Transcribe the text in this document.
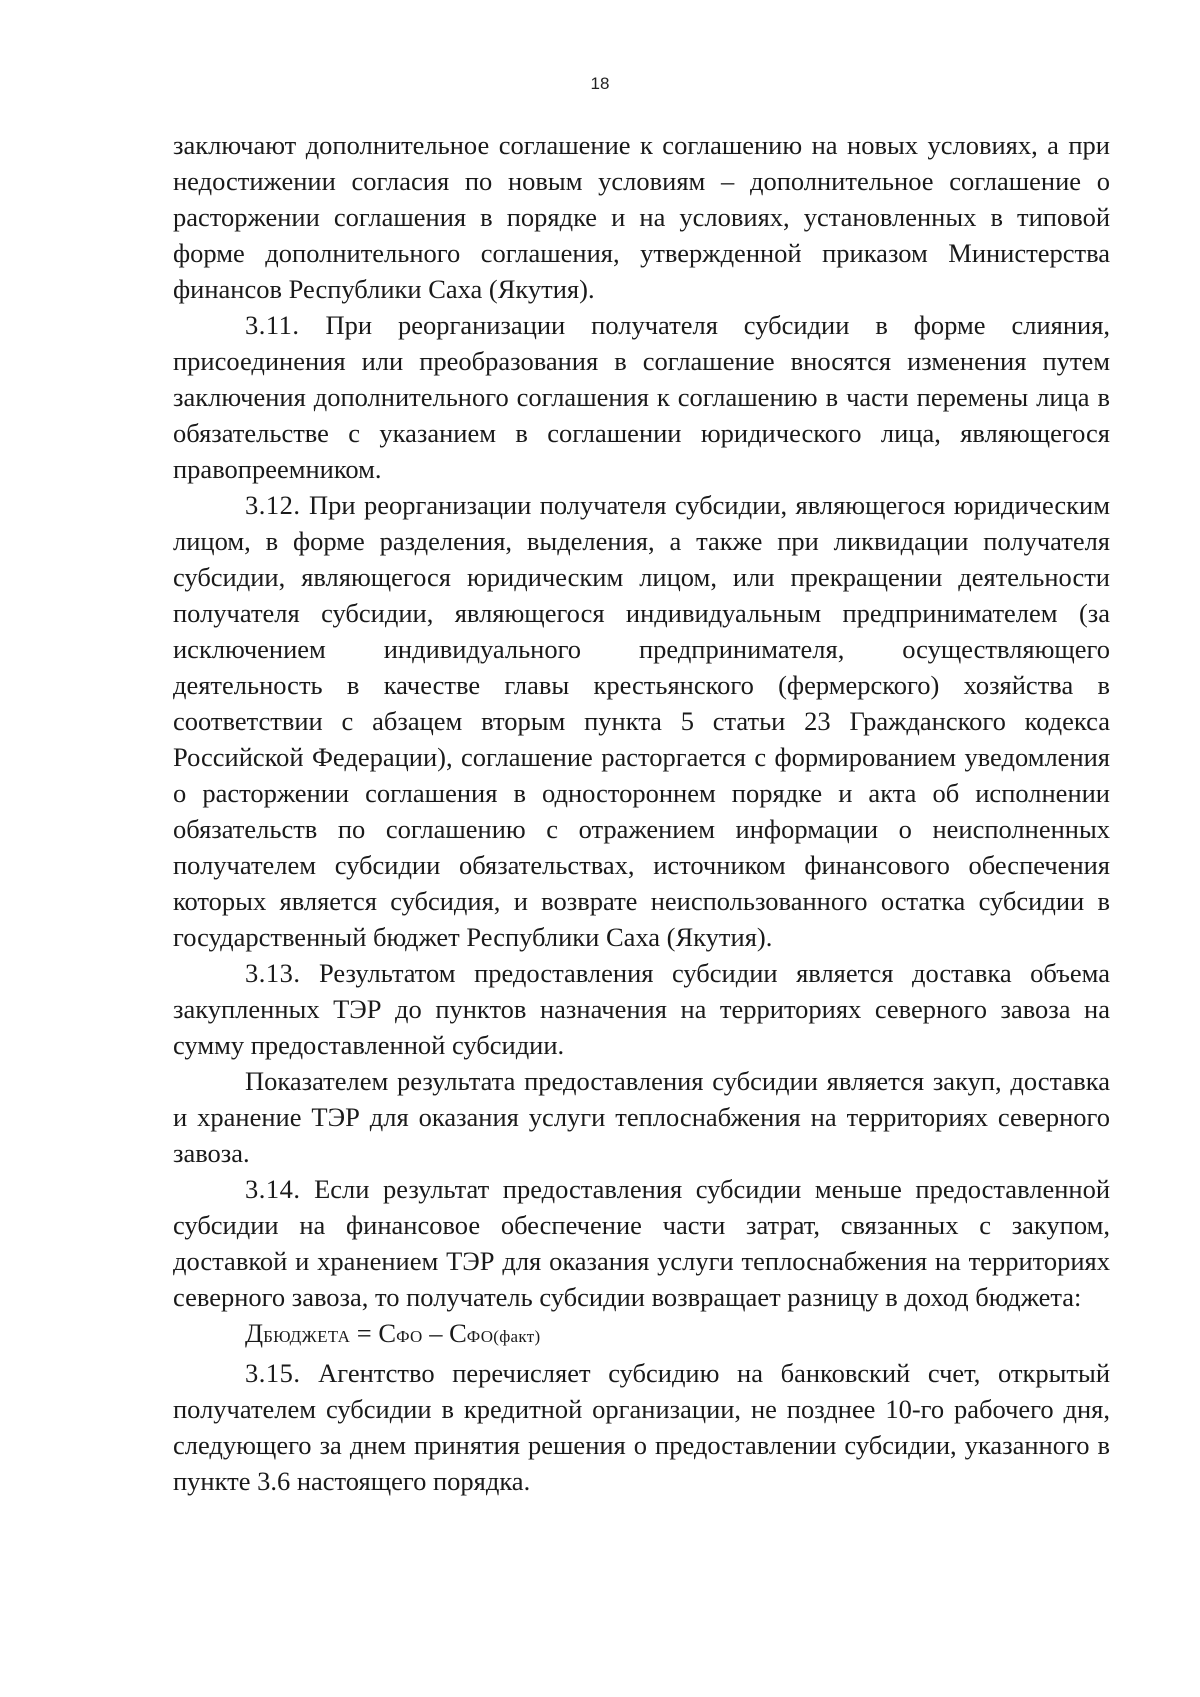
18

заключают дополнительное соглашение к соглашению на новых условиях, а при недостижении согласия по новым условиям – дополнительное соглашение о расторжении соглашения в порядке и на условиях, установленных в типовой форме дополнительного соглашения, утвержденной приказом Министерства финансов Республики Саха (Якутия).

3.11. При реорганизации получателя субсидии в форме слияния, присоединения или преобразования в соглашение вносятся изменения путем заключения дополнительного соглашения к соглашению в части перемены лица в обязательстве с указанием в соглашении юридического лица, являющегося правопреемником.

3.12. При реорганизации получателя субсидии, являющегося юридическим лицом, в форме разделения, выделения, а также при ликвидации получателя субсидии, являющегося юридическим лицом, или прекращении деятельности получателя субсидии, являющегося индивидуальным предпринимателем (за исключением индивидуального предпринимателя, осуществляющего деятельность в качестве главы крестьянского (фермерского) хозяйства в соответствии с абзацем вторым пункта 5 статьи 23 Гражданского кодекса Российской Федерации), соглашение расторгается с формированием уведомления о расторжении соглашения в одностороннем порядке и акта об исполнении обязательств по соглашению с отражением информации о неисполненных получателем субсидии обязательствах, источником финансового обеспечения которых является субсидия, и возврате неиспользованного остатка субсидии в государственный бюджет Республики Саха (Якутия).

3.13. Результатом предоставления субсидии является доставка объема закупленных ТЭР до пунктов назначения на территориях северного завоза на сумму предоставленной субсидии.

Показателем результата предоставления субсидии является закуп, доставка и хранение ТЭР для оказания услуги теплоснабжения на территориях северного завоза.

3.14. Если результат предоставления субсидии меньше предоставленной субсидии на финансовое обеспечение части затрат, связанных с закупом, доставкой и хранением ТЭР для оказания услуги теплоснабжения на территориях северного завоза, то получатель субсидии возвращает разницу в доход бюджета:

ДБЮДЖЕТА = СФО – СФО(факт)

3.15. Агентство перечисляет субсидию на банковский счет, открытый получателем субсидии в кредитной организации, не позднее 10-го рабочего дня, следующего за днем принятия решения о предоставлении субсидии, указанного в пункте 3.6 настоящего порядка.
